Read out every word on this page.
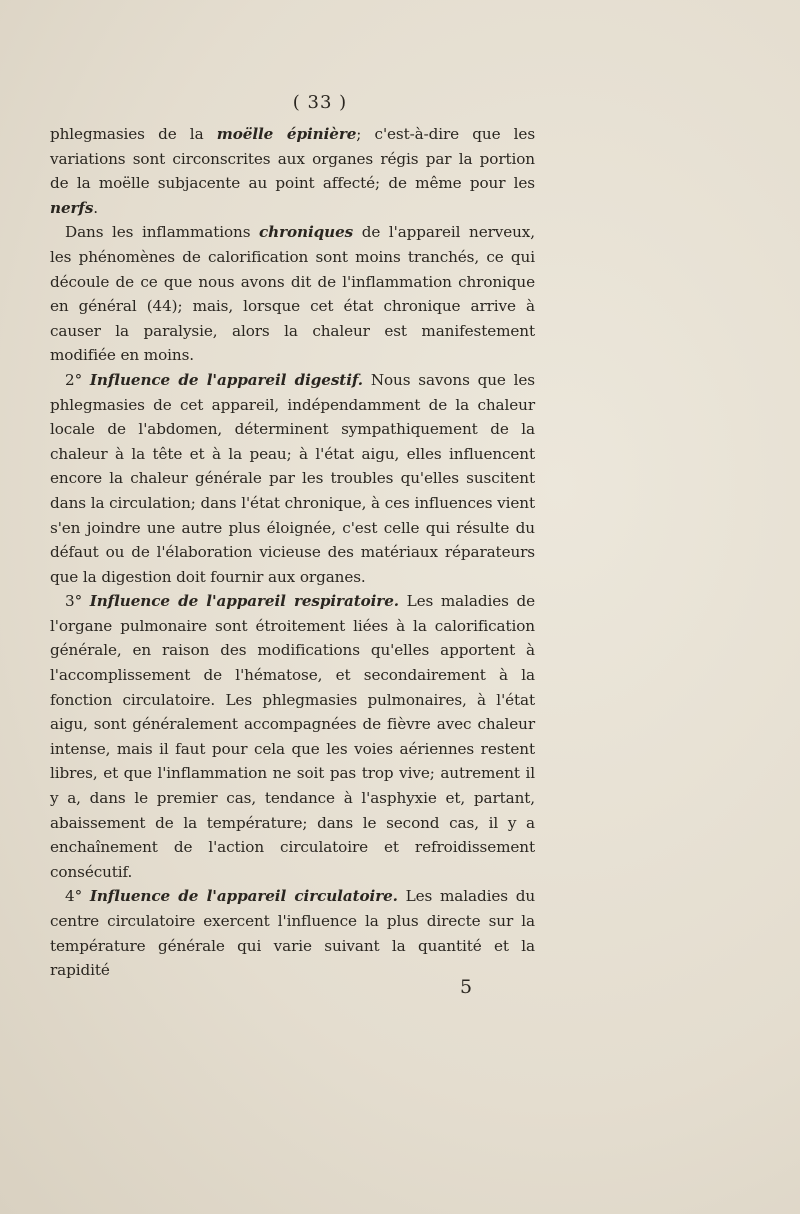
( 33 )

phlegmasies de la moëlle épinière; c'est-à-dire que les variations sont circonscrites aux organes régis par la portion de la moëlle subjacente au point affecté; de même pour les nerfs.

Dans les inflammations chroniques de l'appareil nerveux, les phénomènes de calorification sont moins tranchés, ce qui découle de ce que nous avons dit de l'inflammation chronique en général (44); mais, lorsque cet état chronique arrive à causer la paralysie, alors la chaleur est manifestement modifiée en moins.

2° Influence de l'appareil digestif. Nous savons que les phlegmasies de cet appareil, indépendamment de la chaleur locale de l'abdomen, déterminent sympathiquement de la chaleur à la tête et à la peau; à l'état aigu, elles influencent encore la chaleur générale par les troubles qu'elles suscitent dans la circulation; dans l'état chronique, à ces influences vient s'en joindre une autre plus éloignée, c'est celle qui résulte du défaut ou de l'élaboration vicieuse des matériaux réparateurs que la digestion doit fournir aux organes.

3° Influence de l'appareil respiratoire. Les maladies de l'organe pulmonaire sont étroitement liées à la calorification générale, en raison des modifications qu'elles apportent à l'accomplissement de l'hématose, et secondairement à la fonction circulatoire. Les phlegmasies pulmonaires, à l'état aigu, sont généralement accompagnées de fièvre avec chaleur intense, mais il faut pour cela que les voies aériennes restent libres, et que l'inflammation ne soit pas trop vive; autrement il y a, dans le premier cas, tendance à l'asphyxie et, partant, abaissement de la température; dans le second cas, il y a enchaînement de l'action circulatoire et refroidissement consécutif.

4° Influence de l'appareil circulatoire. Les maladies du centre circulatoire exercent l'influence la plus directe sur la température générale qui varie suivant la quantité et la rapidité

5
